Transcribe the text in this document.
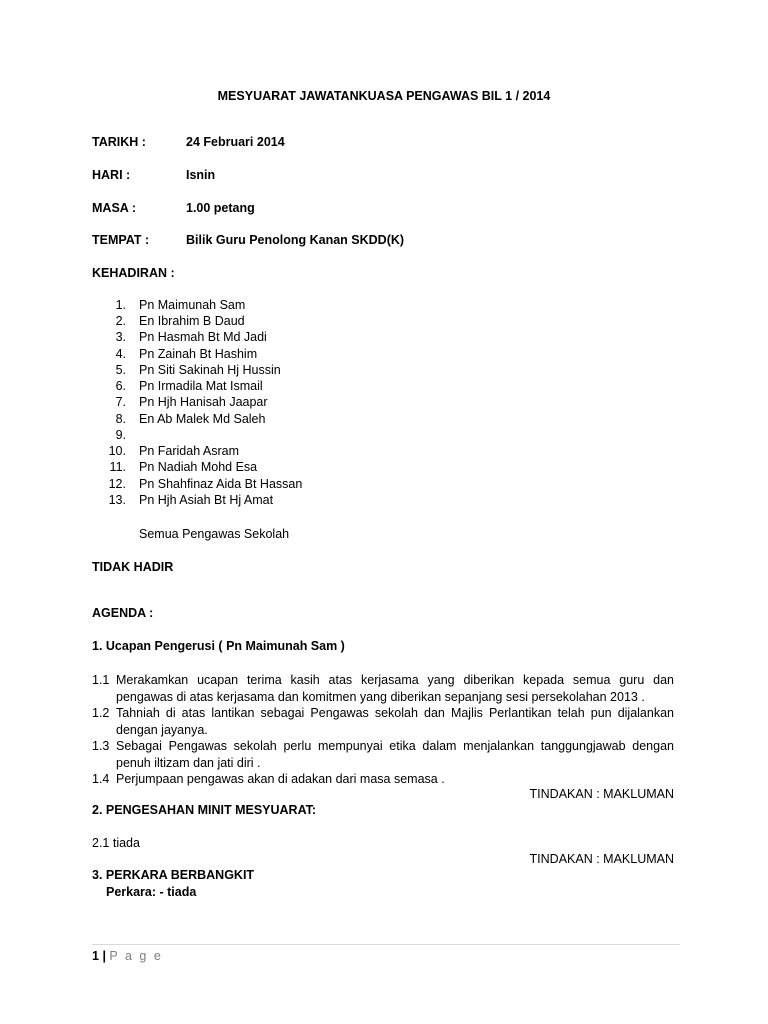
MESYUARAT JAWATANKUASA PENGAWAS BIL 1 / 2014
TARIKH :	24 Februari 2014
HARI :	Isnin
MASA :	1.00 petang
TEMPAT :	Bilik Guru Penolong Kanan SKDD(K)
KEHADIRAN :
1. Pn Maimunah Sam
2. En Ibrahim B Daud
3. Pn Hasmah Bt Md Jadi
4. Pn Zainah Bt Hashim
5. Pn Siti Sakinah Hj Hussin
6. Pn Irmadila Mat Ismail
7. Pn Hjh Hanisah Jaapar
8. En Ab Malek Md Saleh
9.
10. Pn Faridah Asram
11. Pn Nadiah Mohd Esa
12. Pn Shahfinaz Aida Bt Hassan
13. Pn Hjh Asiah Bt Hj Amat
Semua Pengawas Sekolah
TIDAK HADIR
AGENDA :
1. Ucapan Pengerusi ( Pn Maimunah Sam )
1.1 Merakamkan ucapan terima kasih atas kerjasama yang diberikan kepada semua guru dan
pengawas di atas kerjasama dan komitmen yang diberikan sepanjang sesi persekolahan 2013 .
1.2 Tahniah di atas lantikan sebagai Pengawas sekolah dan Majlis Perlantikan telah pun dijalankan
dengan jayanya.
1.3 Sebagai Pengawas sekolah perlu mempunyai etika dalam menjalankan tanggungjawab dengan
penuh iltizam dan jati diri .
1.4 Perjumpaan pengawas akan di adakan dari masa semasa .
TINDAKAN : MAKLUMAN
2. PENGESAHAN MINIT MESYUARAT:
2.1 tiada
TINDAKAN : MAKLUMAN
3. PERKARA BERBANGKIT
Perkara: - tiada
1 | P a g e
